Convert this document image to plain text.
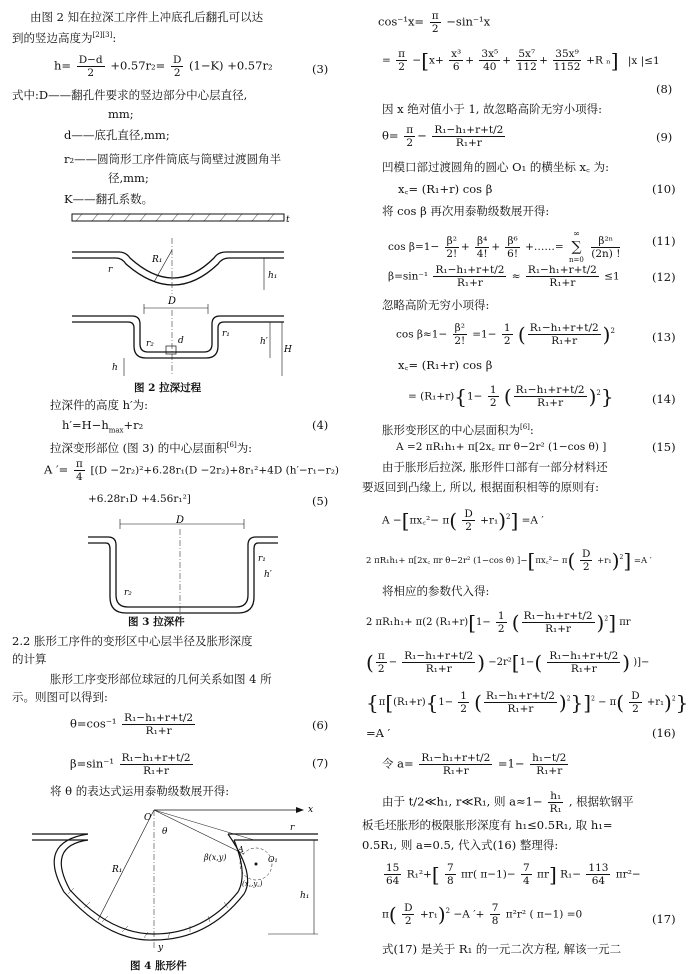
由图 2 知在拉深工序件上冲底孔后翻孔可以达
到的竖边高度为[2][3]:
$h= \frac{D-d}{2} +0.57r_2= \frac{D}{2} (1-K) +0.57r_2$	(3)
式中:D——翻孔件要求的竖边部分中心层直径,
mm;
d——底孔直径,mm;
r₂——圆筒形工序件筒底与筒壁过渡圆角半
径,mm;
K——翻孔系数。
t
R₁
r
h₁
D
r₂	d
r₁
h
h′
H
图 2 拉深过程
拉深件的高度 h′为:
$h'=H-h_{max}+r_2$	(4)
拉深变形部位 (图 3) 的中心层面积[6]为:
A ′= $\frac{\pi}{4} [(D -2r_2)^2+6.28r_1(D -2r_2)+8r_1^2+4D$ (h′−r₁−r₂)
+6.28r₁D +4.56r₁²]	(5)
D
r₂
r₁
h′
图 3 拉深件
2.2 胀形工序件的变形区中心层半径及胀形深度
的计算
胀形工序变形部位球冠的几何关系如图 4 所
示。则图可以得到:
$\theta=\cos^{-1} \frac{\text{R₁−h₁+r+t/2}}{\text{R₁+r}}$	(6)
$\beta=\sin^{-1} \frac{\text{R₁−h₁+r+t/2}}{\text{R₁+r}}$	(7)
将 θ 的表达式运用泰勒级数展开得:
x
y
O
R₁
θ
β(x,y)
A
O₁
(x꜀,y꜀)
r
h₁
图 4 胀形件
$\cos^{-1}x= \frac{\pi}{2} -\sin^{-1}x$
= $\frac{\pi}{2} -[x+ \frac{\text{x³}}{6} + \frac{\text{3x⁵}}{40} + \frac{\text{5x⁷}}{112} + \frac{\text{35x⁹}}{1152} +R$ ₙ] |x |≤1
(8)
因 x 绝对值小于 1, 故忽略高阶无穷小项得:
$\theta= \frac{\pi}{2} - \frac{\text{R₁−h₁+r+t/2}}{\text{R₁+r}}$	(9)
凹模口部过渡圆角的圆心 O₁ 的横坐标 x꜀ 为:
x꜀= (R₁+r) cos β	(10)
将 cos β 再次用泰勒级数展开得:
$\cos \beta=1- \frac{\text{β²}}{2!} + \frac{\text{β⁴}}{4!} + \frac{\text{β⁶}}{6!}$ +……=
∞
∑
n=0

$\frac{\text{β²ⁿ}}{(2n) !}$	(11)
$\beta=\sin^{-1} \frac{\text{R₁−h₁+r+t/2}}{\text{R₁+r}} \approx \frac{\text{R₁−h₁+r+t/2}}{\text{R₁+r}} \le 1$	(12)
忽略高阶无穷小项得:
$\cos \beta\approx 1- \frac{\text{β²}}{2!} =1- \frac{1}{2}$ ( $\frac{\text{R₁−h₁+r+t/2}}{\text{R₁+r}} )^2$	(13)
x꜀= (R₁+r) cos β
= $(R_1+r)\{1- \frac{1}{2}$ ( $\frac{\text{R₁−h₁+r+t/2}}{\text{R₁+r}} )^2$}	(14)
胀形变形区的中心层面积为[6]:
A =2 πR₁h₁+ π[2x꜀ πr θ−2r² (1−cos θ) ]	(15)
由于胀形后拉深, 胀形件口部有一部分材料还
要返回到凸缘上, 所以, 根据面积相等的原则有:
A −[πx꜀²− $\pi( \frac{D}{2} +r_1)^2] =A$ ′
2 πR₁h₁+ π[2x꜀ πr θ−2r² (1−cos θ) ]−[πx꜀²− $\pi( \frac{D}{2} +r_1)^2] =A$ ′
将相应的参数代入得:
2 πR₁h₁+ π(2 $(R_1+r)[1- \frac{1}{2}$ ( $\frac{\text{R₁−h₁+r+t/2}}{\text{R₁+r}} )^2$] πr
( $\frac{\pi}{2} - \frac{\text{R₁−h₁+r+t/2}}{\text{R₁+r}}$ ) $-2r^2[1-( \frac{\text{R₁−h₁+r+t/2}}{\text{R₁+r}}$ ) )]−
{$\pi[(R_1+r)\{1- \frac{1}{2}$ ( $\frac{\text{R₁−h₁+r+t/2}}{\text{R₁+r}} )^2\}]^2 - \pi( \frac{D}{2} +r_1)^2$}
=A ′	(16)
令 $a= \frac{\text{R₁−h₁+r+t/2}}{\text{R₁+r}} =1- \frac{\text{h₁−t/2}}{\text{R₁+r}}$
由于 t/2≪h₁, r≪R₁, 则 $a\approx 1- \frac{\text{h₁}}{\text{R₁}}$ , 根据软钢平
板毛坯胀形的极限胀形深度有 h₁≤0.5R₁, 取 h₁=
0.5R₁, 则 a=0.5, 代入式(16) 整理得:
$\frac{15}{64} R_1^2+[ \frac{7}{8} \pi r$( $\pi-1)- \frac{7}{4} \pi r$] $R_1- \frac{113}{64} \pi r^2-$
$\pi( \frac{D}{2} +r_1)^2 -A$ ′+ $\frac{7}{8} \pi^2r^2$ ( π−1) =0	(17)
式(17) 是关于 R₁ 的一元二次方程, 解该一元二
